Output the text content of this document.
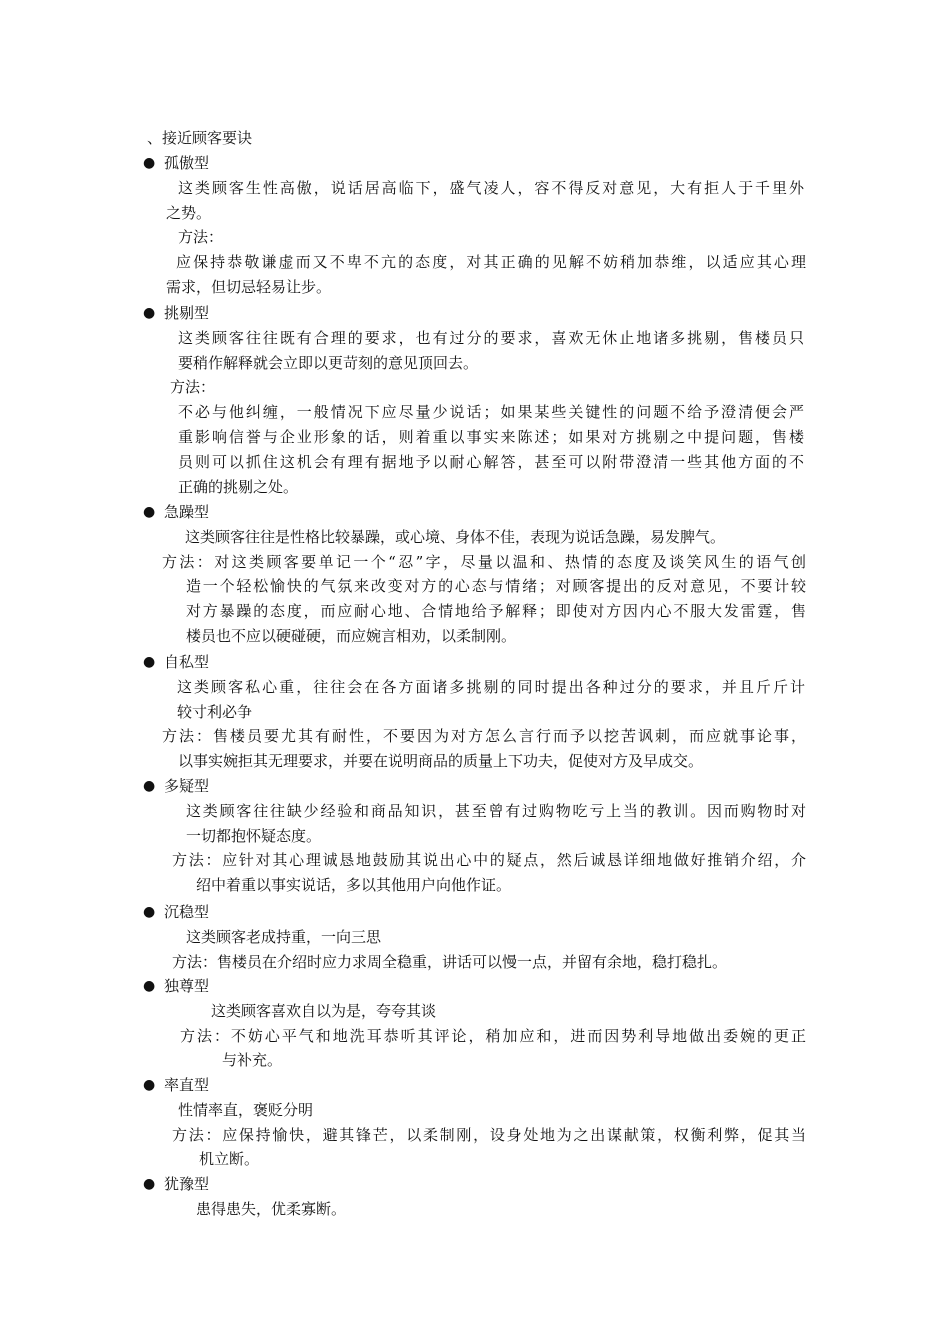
、接近顾客要诀
● 孤傲型
这类顾客生性高傲，说话居高临下，盛气凌人，容不得反对意见，大有拒人于千里外
之势。
方法：
应保持恭敬谦虚而又不卑不亢的态度，对其正确的见解不妨稍加恭维，以适应其心理
需求，但切忌轻易让步。
● 挑剔型
这类顾客往往既有合理的要求，也有过分的要求，喜欢无休止地诸多挑剔，售楼员只
要稍作解释就会立即以更苛刻的意见顶回去。
方法：
不必与他纠缠，一般情况下应尽量少说话；如果某些关键性的问题不给予澄清便会严
重影响信誉与企业形象的话，则着重以事实来陈述；如果对方挑剔之中提问题，售楼
员则可以抓住这机会有理有据地予以耐心解答，甚至可以附带澄清一些其他方面的不
正确的挑剔之处。
● 急躁型
这类顾客往往是性格比较暴躁，或心境、身体不佳，表现为说话急躁，易发脾气。
方法：对这类顾客要单记一个“忍”字，尽量以温和、热情的态度及谈笑风生的语气创
造一个轻松愉快的气氛来改变对方的心态与情绪；对顾客提出的反对意见，不要计较
对方暴躁的态度，而应耐心地、合情地给予解释；即使对方因内心不服大发雷霆，售
楼员也不应以硬碰硬，而应婉言相劝，以柔制刚。
● 自私型
这类顾客私心重，往往会在各方面诸多挑剔的同时提出各种过分的要求，并且斤斤计
较寸利必争
方法：售楼员要尤其有耐性，不要因为对方怎么言行而予以挖苦讽刺，而应就事论事，
以事实婉拒其无理要求，并要在说明商品的质量上下功夫，促使对方及早成交。
● 多疑型
这类顾客往往缺少经验和商品知识，甚至曾有过购物吃亏上当的教训。因而购物时对
一切都抱怀疑态度。
方法：应针对其心理诚恳地鼓励其说出心中的疑点，然后诚恳详细地做好推销介绍，介
绍中着重以事实说话，多以其他用户向他作证。
● 沉稳型
这类顾客老成持重，一向三思
方法：售楼员在介绍时应力求周全稳重，讲话可以慢一点，并留有余地，稳打稳扎。
● 独尊型
这类顾客喜欢自以为是，夸夸其谈
方法：不妨心平气和地洗耳恭听其评论，稍加应和，进而因势利导地做出委婉的更正
与补充。
● 率直型
性情率直，褒贬分明
方法：应保持愉快，避其锋芒，以柔制刚，设身处地为之出谋献策，权衡利弊，促其当
机立断。
● 犹豫型
患得患失，优柔寡断。
